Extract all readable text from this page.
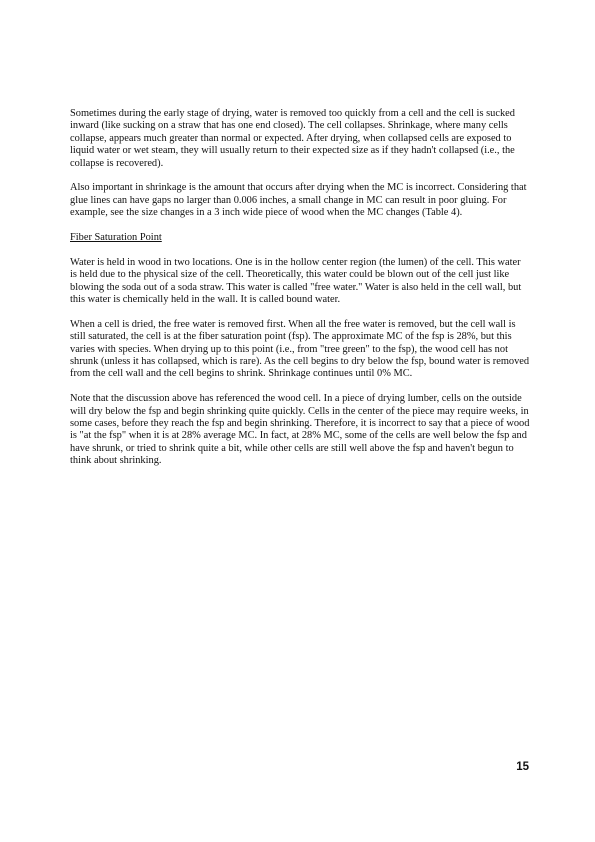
Sometimes during the early stage of drying, water is removed too quickly from a cell and the cell is sucked inward (like sucking on a straw that has one end closed). The cell collapses. Shrinkage, where many cells collapse, appears much greater than normal or expected. After drying, when collapsed cells are exposed to liquid water or wet steam, they will usually return to their expected size as if they hadn't collapsed (i.e., the collapse is recovered).

Also important in shrinkage is the amount that occurs after drying when the MC is incorrect. Considering that glue lines can have gaps no larger than 0.006 inches, a small change in MC can result in poor gluing. For example, see the size changes in a 3 inch wide piece of wood when the MC changes (Table 4).

Fiber Saturation Point

Water is held in wood in two locations. One is in the hollow center region (the lumen) of the cell. This water is held due to the physical size of the cell. Theoretically, this water could be blown out of the cell just like blowing the soda out of a soda straw. This water is called "free water." Water is also held in the cell wall, but this water is chemically held in the wall. It is called bound water.

When a cell is dried, the free water is removed first. When all the free water is removed, but the cell wall is still saturated, the cell is at the fiber saturation point (fsp). The approximate MC of the fsp is 28%, but this varies with species. When drying up to this point (i.e., from "tree green" to the fsp), the wood cell has not shrunk (unless it has collapsed, which is rare). As the cell begins to dry below the fsp, bound water is removed from the cell wall and the cell begins to shrink. Shrinkage continues until 0% MC.

Note that the discussion above has referenced the wood cell. In a piece of drying lumber, cells on the outside will dry below the fsp and begin shrinking quite quickly. Cells in the center of the piece may require weeks, in some cases, before they reach the fsp and begin shrinking. Therefore, it is incorrect to say that a piece of wood is "at the fsp" when it is at 28% average MC. In fact, at 28% MC, some of the cells are well below the fsp and have shrunk, or tried to shrink quite a bit, while other cells are still well above the fsp and haven't begun to think about shrinking.

15
